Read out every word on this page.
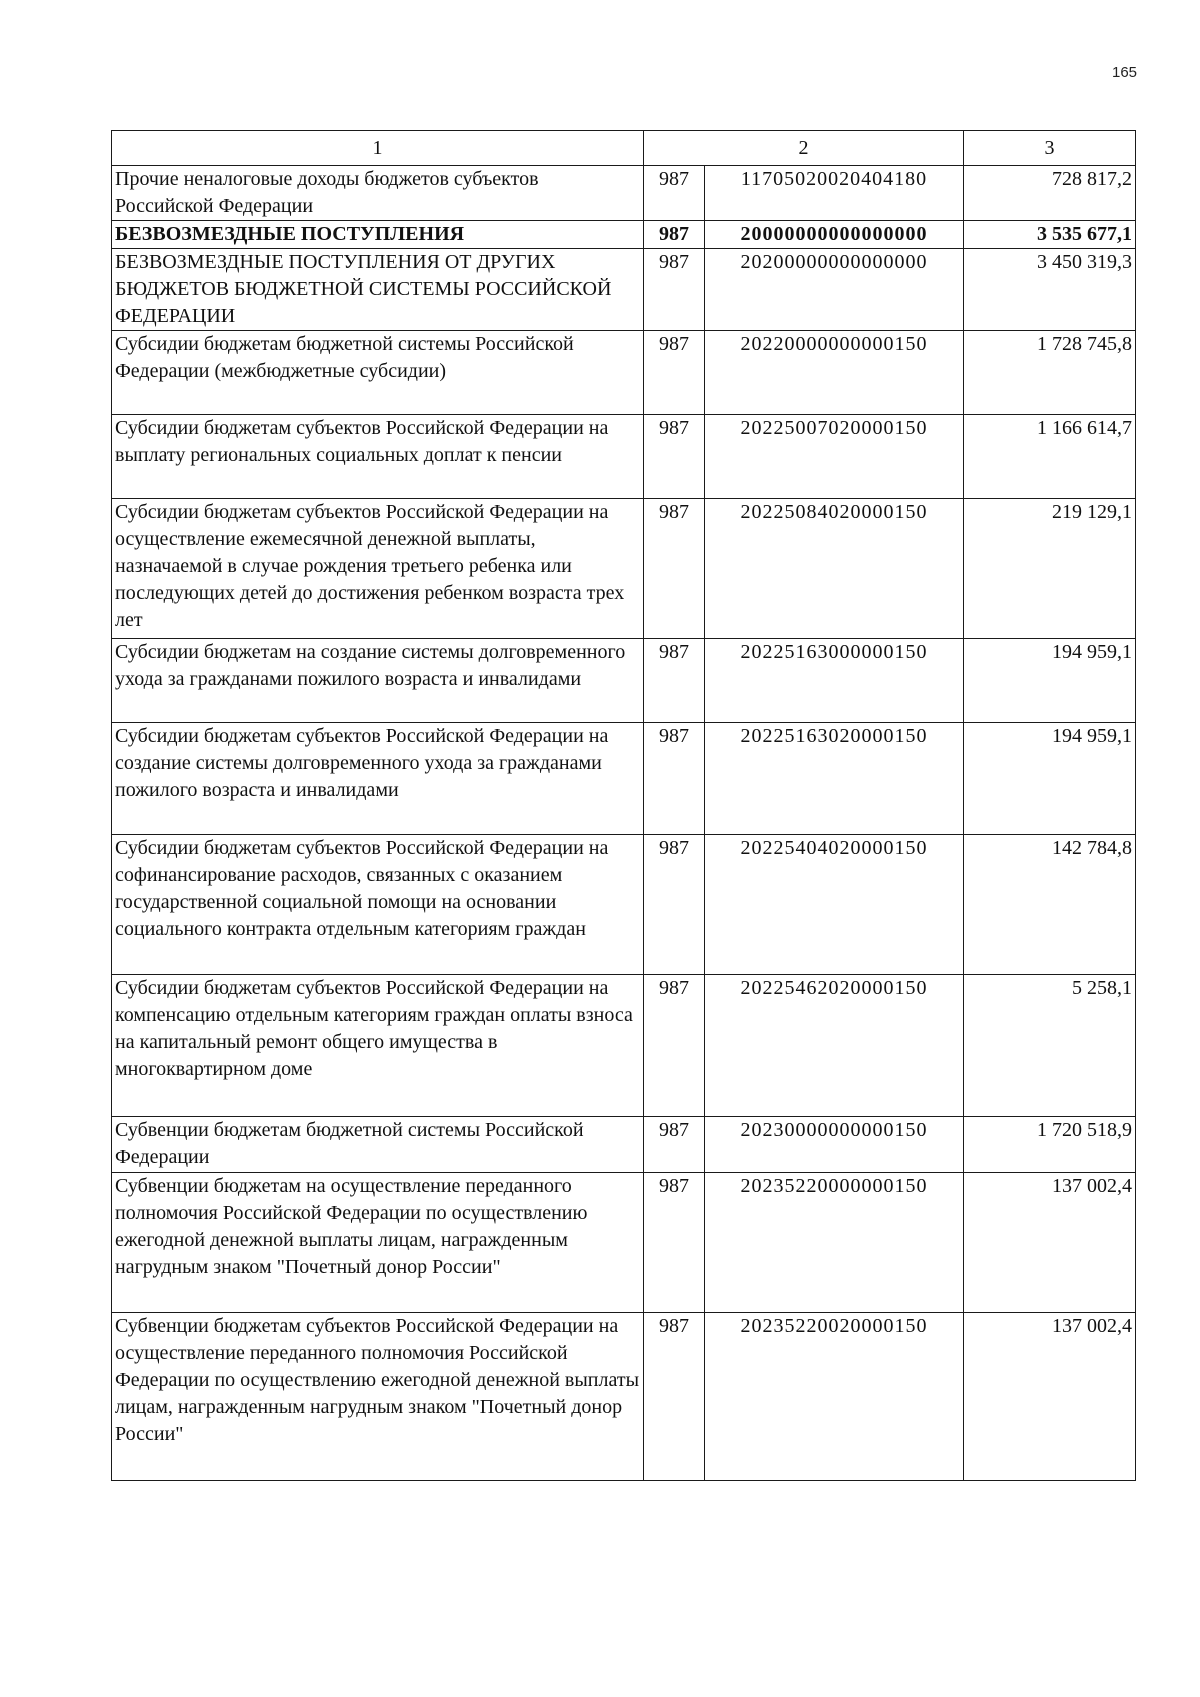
165
1	2		3
Прочие неналоговые доходы бюджетов субъектов Российской Федерации	987	11705020020404180	728 817,2
БЕЗВОЗМЕЗДНЫЕ ПОСТУПЛЕНИЯ	987	20000000000000000	3 535 677,1
БЕЗВОЗМЕЗДНЫЕ ПОСТУПЛЕНИЯ ОТ ДРУГИХ БЮДЖЕТОВ БЮДЖЕТНОЙ СИСТЕМЫ РОССИЙСКОЙ ФЕДЕРАЦИИ	987	20200000000000000	3 450 319,3
Субсидии бюджетам бюджетной системы Российской Федерации (межбюджетные субсидии)	987	20220000000000150	1 728 745,8
Субсидии бюджетам субъектов Российской Федерации на выплату региональных социальных доплат к пенсии	987	20225007020000150	1 166 614,7
Субсидии бюджетам субъектов Российской Федерации на осуществление ежемесячной денежной выплаты, назначаемой в случае рождения третьего ребенка или последующих детей до достижения ребенком возраста трех лет	987	20225084020000150	219 129,1
Субсидии бюджетам на создание системы долговременного ухода за гражданами пожилого возраста и инвалидами	987	20225163000000150	194 959,1
Субсидии бюджетам субъектов Российской Федерации на создание системы долговременного ухода за гражданами пожилого возраста и инвалидами	987	20225163020000150	194 959,1
Субсидии бюджетам субъектов Российской Федерации на софинансирование расходов, связанных с оказанием государственной социальной помощи на основании социального контракта отдельным категориям граждан	987	20225404020000150	142 784,8
Субсидии бюджетам субъектов Российской Федерации на компенсацию отдельным категориям граждан оплаты взноса на капитальный ремонт общего имущества в многоквартирном доме	987	20225462020000150	5 258,1
Субвенции бюджетам бюджетной системы Российской Федерации	987	20230000000000150	1 720 518,9
Субвенции бюджетам на осуществление переданного полномочия Российской Федерации по осуществлению ежегодной денежной выплаты лицам, награжденным нагрудным знаком "Почетный донор России"	987	20235220000000150	137 002,4
Субвенции бюджетам субъектов Российской Федерации на осуществление переданного полномочия Российской Федерации по осуществлению ежегодной денежной выплаты лицам, награжденным нагрудным знаком "Почетный донор России"	987	20235220020000150	137 002,4
